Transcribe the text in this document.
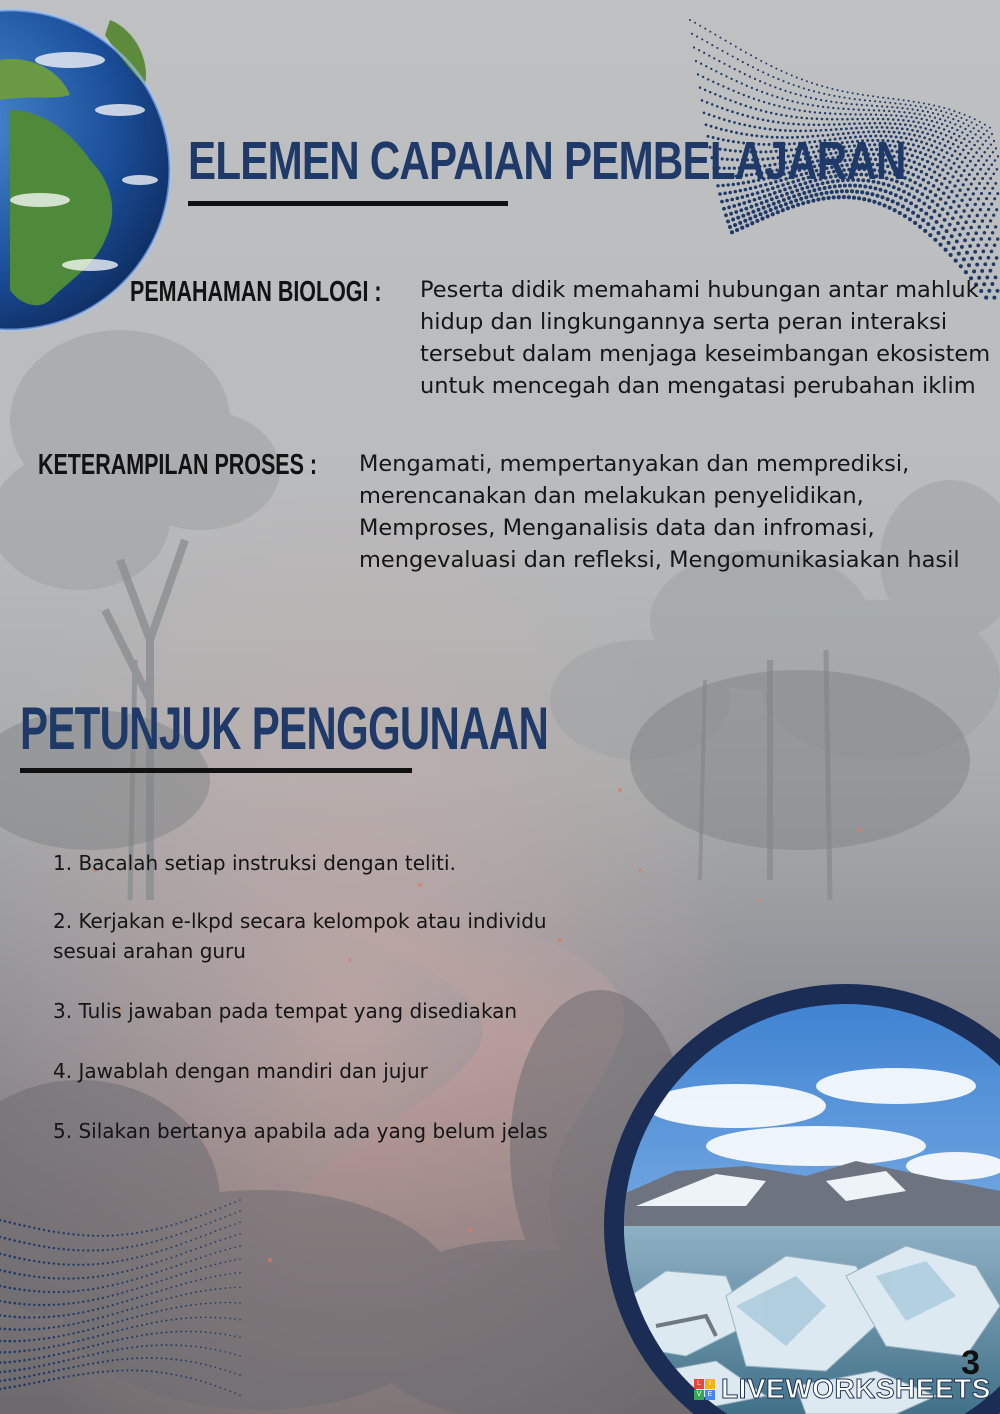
ELEMEN CAPAIAN PEMBELAJARAN
PEMAHAMAN BIOLOGI : Peserta didik memahami hubungan antar mahluk
hidup dan lingkungannya serta peran interaksi
tersebut dalam menjaga keseimbangan ekosistem
untuk mencegah dan mengatasi perubahan iklim
KETERAMPILAN PROSES : Mengamati, mempertanyakan dan memprediksi,
merencanakan dan melakukan penyelidikan,
Memproses, Menganalisis data dan infromasi,
mengevaluasi dan refleksi, Mengomunikasiakan hasil
PETUNJUK PENGGUNAAN
1. Bacalah setiap instruksi dengan teliti.
2. Kerjakan e-lkpd secara kelompok atau individu
sesuai arahan guru
3. Tulis jawaban pada tempat yang disediakan
4. Jawablah dengan mandiri dan jujur
5. Silakan bertanya apabila ada yang belum jelas
3
L	I
V E LIVEWORKSHEETS
